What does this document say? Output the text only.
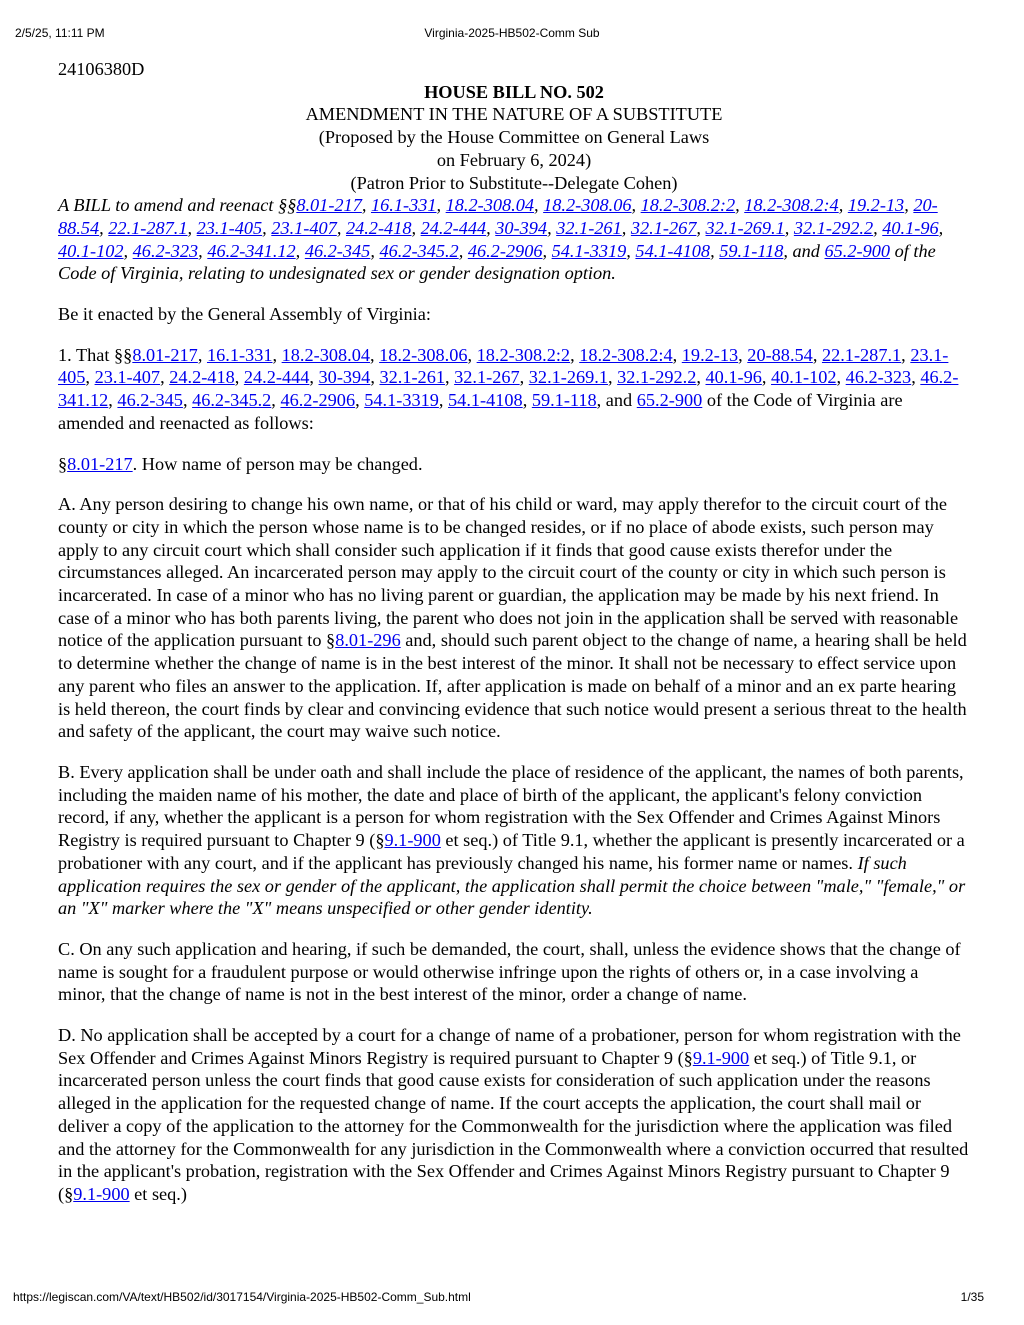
2/5/25, 11:11 PM	Virginia-2025-HB502-Comm Sub
24106380D
HOUSE BILL NO. 502
AMENDMENT IN THE NATURE OF A SUBSTITUTE
(Proposed by the House Committee on General Laws
on February 6, 2024)
(Patron Prior to Substitute--Delegate Cohen)
A BILL to amend and reenact §§8.01-217, 16.1-331, 18.2-308.04, 18.2-308.06, 18.2-308.2:2, 18.2-308.2:4, 19.2-13, 20-88.54, 22.1-287.1, 23.1-405, 23.1-407, 24.2-418, 24.2-444, 30-394, 32.1-261, 32.1-267, 32.1-269.1, 32.1-292.2, 40.1-96, 40.1-102, 46.2-323, 46.2-341.12, 46.2-345, 46.2-345.2, 46.2-2906, 54.1-3319, 54.1-4108, 59.1-118, and 65.2-900 of the Code of Virginia, relating to undesignated sex or gender designation option.

Be it enacted by the General Assembly of Virginia:

1. That §§8.01-217, 16.1-331, 18.2-308.04, 18.2-308.06, 18.2-308.2:2, 18.2-308.2:4, 19.2-13, 20-88.54, 22.1-287.1, 23.1-405, 23.1-407, 24.2-418, 24.2-444, 30-394, 32.1-261, 32.1-267, 32.1-269.1, 32.1-292.2, 40.1-96, 40.1-102, 46.2-323, 46.2-341.12, 46.2-345, 46.2-345.2, 46.2-2906, 54.1-3319, 54.1-4108, 59.1-118, and 65.2-900 of the Code of Virginia are amended and reenacted as follows:

§8.01-217. How name of person may be changed.

A. Any person desiring to change his own name, or that of his child or ward, may apply therefor to the circuit court of the county or city in which the person whose name is to be changed resides, or if no place of abode exists, such person may apply to any circuit court which shall consider such application if it finds that good cause exists therefor under the circumstances alleged. An incarcerated person may apply to the circuit court of the county or city in which such person is incarcerated. In case of a minor who has no living parent or guardian, the application may be made by his next friend. In case of a minor who has both parents living, the parent who does not join in the application shall be served with reasonable notice of the application pursuant to §8.01-296 and, should such parent object to the change of name, a hearing shall be held to determine whether the change of name is in the best interest of the minor. It shall not be necessary to effect service upon any parent who files an answer to the application. If, after application is made on behalf of a minor and an ex parte hearing is held thereon, the court finds by clear and convincing evidence that such notice would present a serious threat to the health and safety of the applicant, the court may waive such notice.

B. Every application shall be under oath and shall include the place of residence of the applicant, the names of both parents, including the maiden name of his mother, the date and place of birth of the applicant, the applicant's felony conviction record, if any, whether the applicant is a person for whom registration with the Sex Offender and Crimes Against Minors Registry is required pursuant to Chapter 9 (§9.1-900 et seq.) of Title 9.1, whether the applicant is presently incarcerated or a probationer with any court, and if the applicant has previously changed his name, his former name or names. If such application requires the sex or gender of the applicant, the application shall permit the choice between "male," "female," or an "X" marker where the "X" means unspecified or other gender identity.

C. On any such application and hearing, if such be demanded, the court, shall, unless the evidence shows that the change of name is sought for a fraudulent purpose or would otherwise infringe upon the rights of others or, in a case involving a minor, that the change of name is not in the best interest of the minor, order a change of name.

D. No application shall be accepted by a court for a change of name of a probationer, person for whom registration with the Sex Offender and Crimes Against Minors Registry is required pursuant to Chapter 9 (§9.1-900 et seq.) of Title 9.1, or incarcerated person unless the court finds that good cause exists for consideration of such application under the reasons alleged in the application for the requested change of name. If the court accepts the application, the court shall mail or deliver a copy of the application to the attorney for the Commonwealth for the jurisdiction where the application was filed and the attorney for the Commonwealth for any jurisdiction in the Commonwealth where a conviction occurred that resulted in the applicant's probation, registration with the Sex Offender and Crimes Against Minors Registry pursuant to Chapter 9 (§9.1-900 et seq.)

https://legiscan.com/VA/text/HB502/id/3017154/Virginia-2025-HB502-Comm_Sub.html	1/35
